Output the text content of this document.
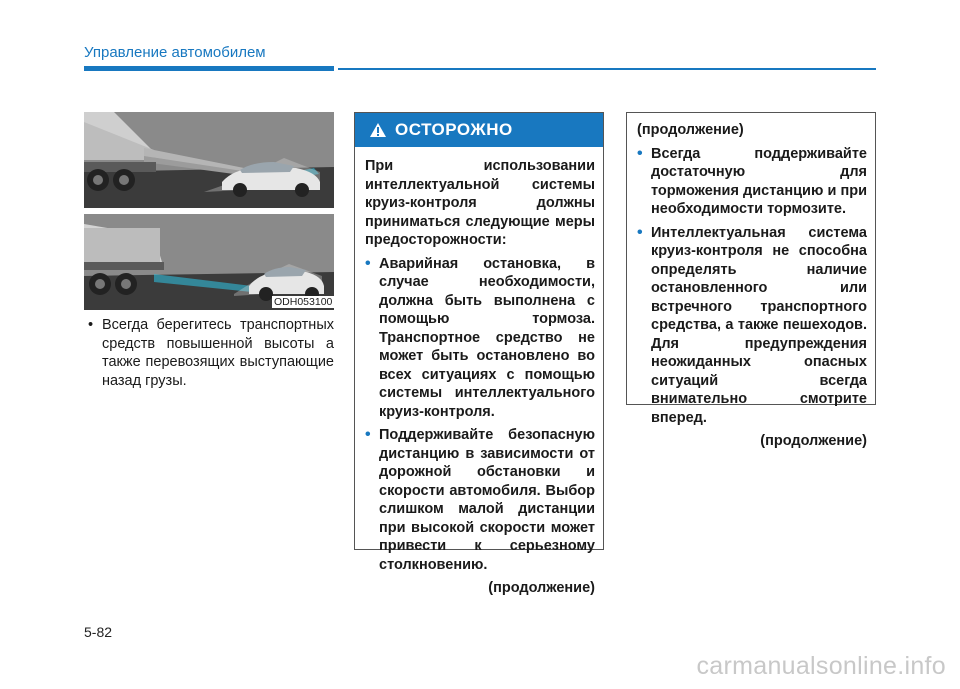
Управление автомобилем
ODH053100
• Всегда берегитесь транспортных средств повышенной высоты а также перевозящих выступающие назад грузы.
ОСТОРОЖНО

При использовании интеллектуальной системы круиз-контроля должны приниматься следующие меры предосторожности:

• Аварийная остановка, в случае необходимости, должна быть выполнена с помощью тормоза. Транспортное средство не может быть остановлено во всех ситуациях с помощью системы интеллектуального круиз-контроля.
• Поддерживайте безопасную дистанцию в зависимости от дорожной обстановки и скорости автомобиля. Выбор слишком малой дистанции при высокой скорости может привести к серьезному столкновению.
(продолжение)

(продолжение)

• Всегда поддерживайте достаточную для торможения дистанцию и при необходимости тормозите.
• Интеллектуальная система круиз-контроля не способна определять наличие остановленного или встречного транспортного средства, а также пешеходов. Для предупреждения неожиданных опасных ситуаций всегда внимательно смотрите вперед.
(продолжение)
5-82
carmanualsonline.info
